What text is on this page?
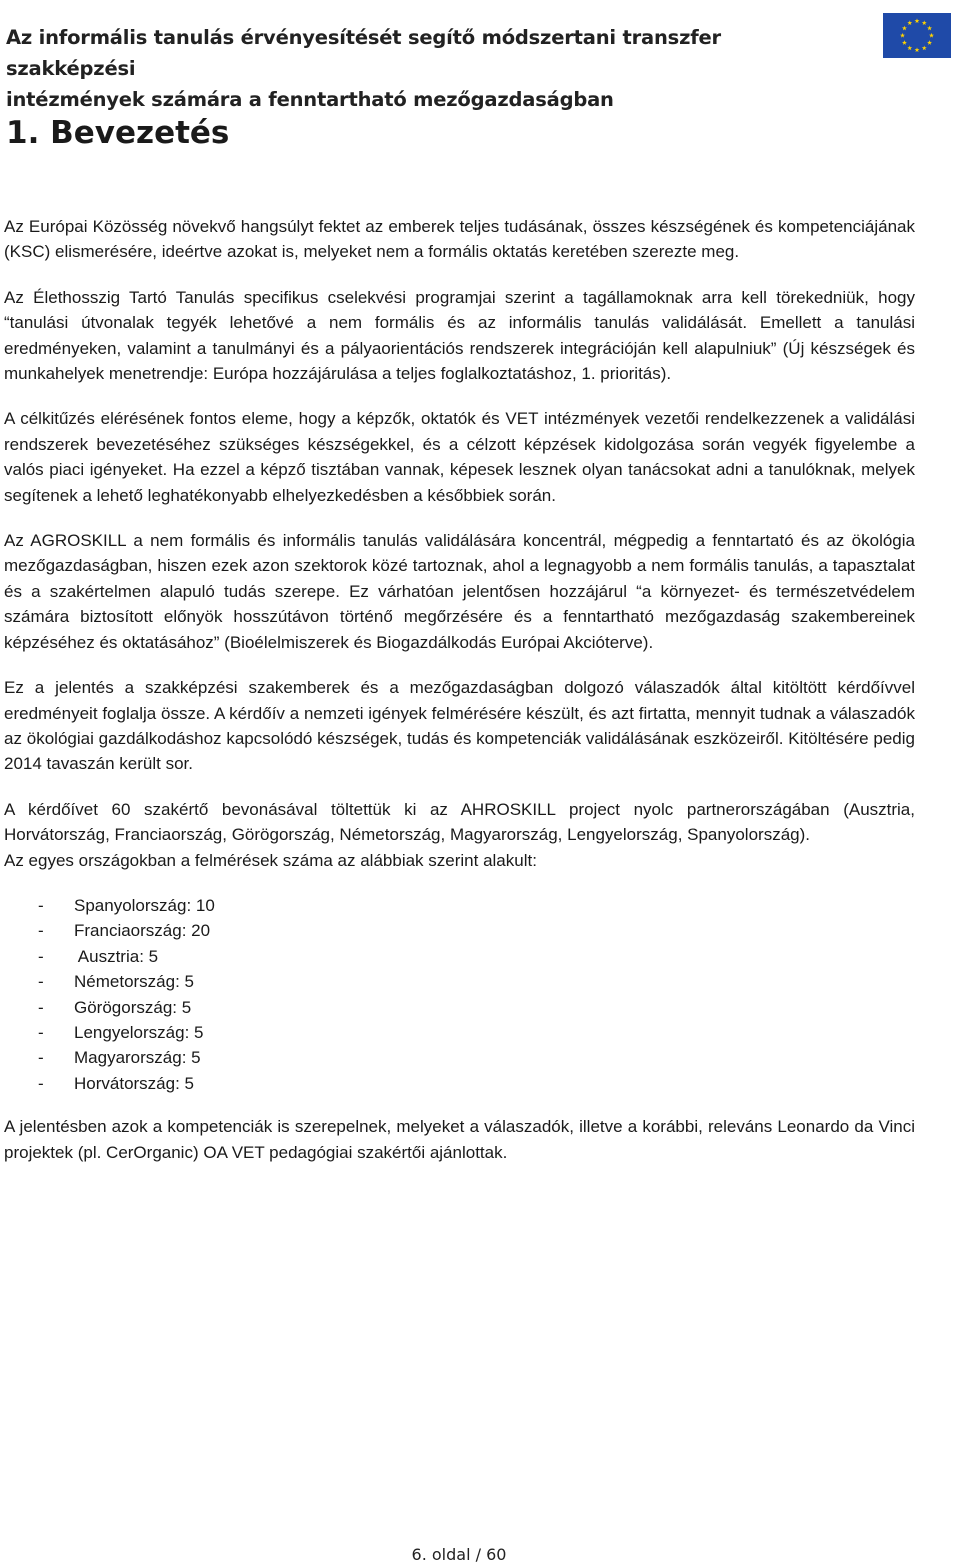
Az informális tanulás érvényesítését segítő módszertani transzfer szakképzési
intézmények számára a fenntartható mezőgazdaságban
1. Bevezetés

Az Európai Közösség növekvő hangsúlyt fektet az emberek teljes tudásának, összes készségének és kompetenciájának (KSC) elismerésére, ideértve azokat is, melyeket nem a formális oktatás keretében szerezte meg.

Az Élethosszig Tartó Tanulás specifikus cselekvési programjai szerint a tagállamoknak arra kell törekedniük, hogy “tanulási útvonalak tegyék lehetővé a nem formális és az informális tanulás validálását. Emellett a tanulási eredményeken, valamint a tanulmányi és a pályaorientációs rendszerek integrációján kell alapulniuk” (Új készségek és munkahelyek menetrendje: Európa hozzájárulása a teljes foglalkoztatáshoz, 1. prioritás).

A célkitűzés elérésének fontos eleme, hogy a képzők, oktatók és VET intézmények vezetői rendelkezzenek a validálási rendszerek bevezetéséhez szükséges készségekkel, és a célzott képzések kidolgozása során vegyék figyelembe a valós piaci igényeket. Ha ezzel a képző tisztában vannak, képesek lesznek olyan tanácsokat adni a tanulóknak, melyek segítenek a lehető leghatékonyabb elhelyezkedésben a későbbiek során.

Az AGROSKILL a nem formális és informális tanulás validálására koncentrál, mégpedig a fenntartató és az ökológia mezőgazdaságban, hiszen ezek azon szektorok közé tartoznak, ahol a legnagyobb a nem formális tanulás, a tapasztalat és a szakértelmen alapuló tudás szerepe. Ez várhatóan jelentősen hozzájárul “a környezet- és természetvédelem számára biztosított előnyök hosszútávon történő megőrzésére és a fenntartható mezőgazdaság szakembereinek képzéséhez és oktatásához” (Bioélelmiszerek és Biogazdálkodás Európai Akcióterve).

Ez a jelentés a szakképzési szakemberek és a mezőgazdaságban dolgozó válaszadók által kitöltött kérdőívvel eredményeit foglalja össze. A kérdőív a nemzeti igények felmérésére készült, és azt firtatta, mennyit tudnak a válaszadók az ökológiai gazdálkodáshoz kapcsolódó készségek, tudás és kompetenciák validálásának eszközeiről. Kitöltésére pedig 2014 tavaszán került sor.

A kérdőívet 60 szakértő bevonásával töltettük ki az AHROSKILL project nyolc partnerországában (Ausztria, Horvátország, Franciaország, Görögország, Németország, Magyarország, Lengyelország, Spanyolország).

Az egyes országokban a felmérések száma az alábbiak szerint alakult:

-	Spanyolország: 10
-	Franciaország: 20
-	Ausztria: 5
-	Németország: 5
-	Görögország: 5
-	Lengyelország: 5
-	Magyarország: 5
-	Horvátország: 5

A jelentésben azok a kompetenciák is szerepelnek, melyeket a válaszadók, illetve a korábbi, releváns Leonardo da Vinci projektek (pl. CerOrganic) OA VET pedagógiai szakértői ajánlottak.

6. oldal / 60
